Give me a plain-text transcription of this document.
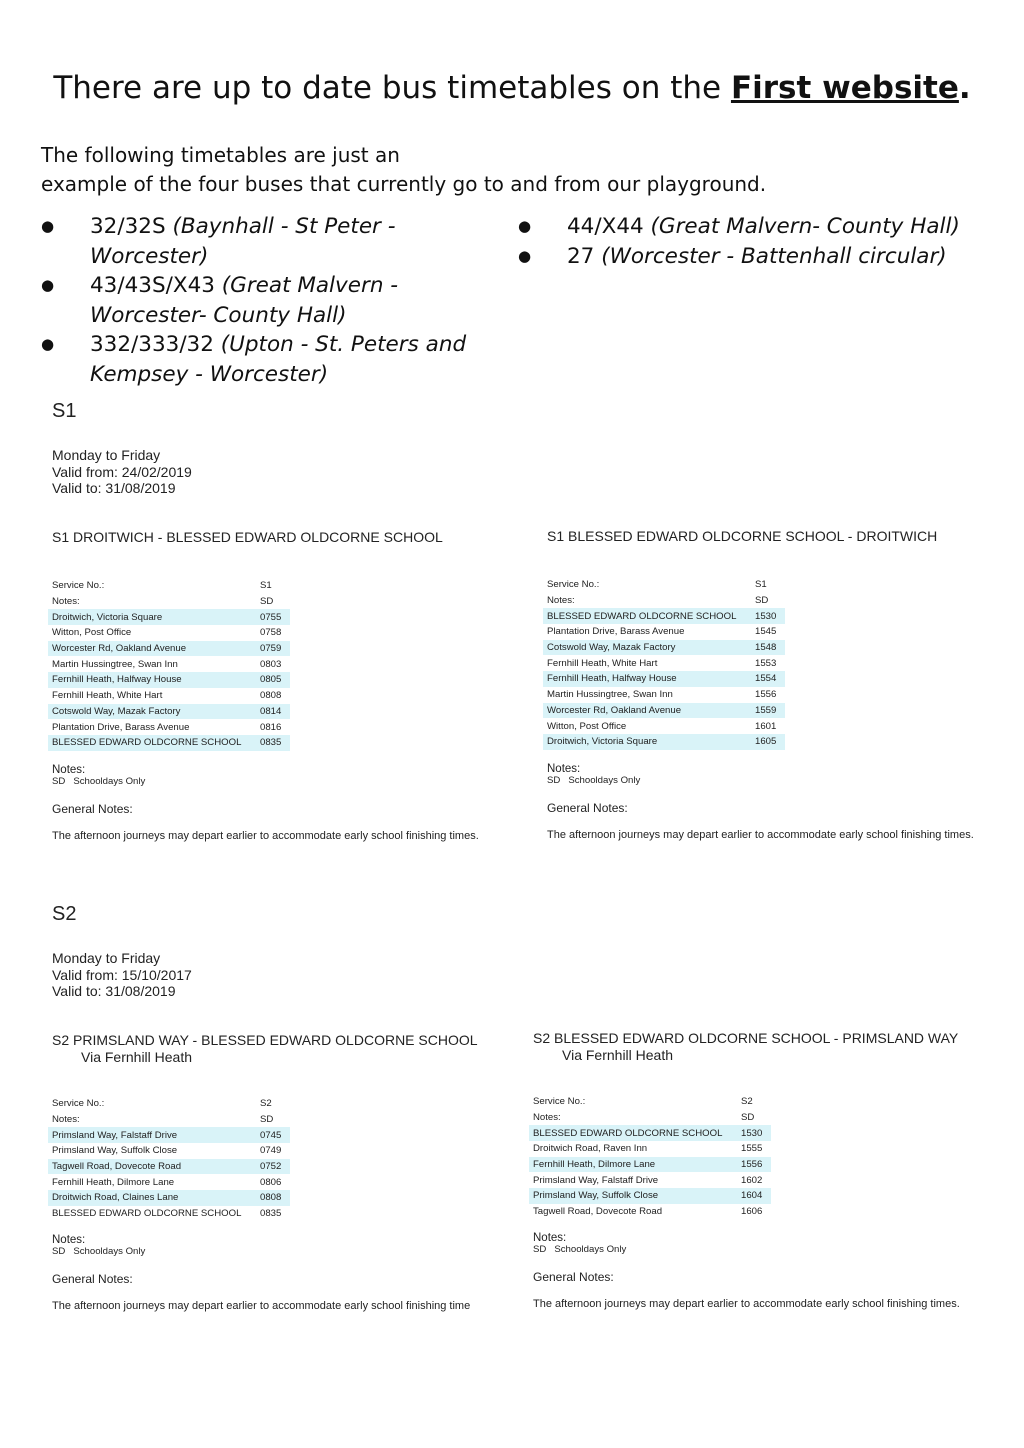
There are up to date bus timetables on the First website.
The following timetables are just an
example of the four buses that currently go to and from our playground.
● 32/32S (Baynhall - St Peter - Worcester)
● 43/43S/X43 (Great Malvern - Worcester- County Hall)
● 332/333/32 (Upton - St. Peters and Kempsey - Worcester)
● 44/X44 (Great Malvern- County Hall)
● 27 (Worcester - Battenhall circular)
S1
Monday to Friday
Valid from: 24/02/2019
Valid to: 31/08/2019
S1 DROITWICH - BLESSED EDWARD OLDCORNE SCHOOL
Service No.:	S1
Notes:	SD
Droitwich, Victoria Square	0755
Witton, Post Office	0758
Worcester Rd, Oakland Avenue	0759
Martin Hussingtree, Swan Inn	0803
Fernhill Heath, Halfway House	0805
Fernhill Heath, White Hart	0808
Cotswold Way, Mazak Factory	0814
Plantation Drive, Barass Avenue	0816
BLESSED EDWARD OLDCORNE SCHOOL	0835
Notes:
SD Schooldays Only
General Notes:
The afternoon journeys may depart earlier to accommodate early school finishing times.
S1 BLESSED EDWARD OLDCORNE SCHOOL - DROITWICH
Service No.:	S1
Notes:	SD
BLESSED EDWARD OLDCORNE SCHOOL	1530
Plantation Drive, Barass Avenue	1545
Cotswold Way, Mazak Factory	1548
Fernhill Heath, White Hart	1553
Fernhill Heath, Halfway House	1554
Martin Hussingtree, Swan Inn	1556
Worcester Rd, Oakland Avenue	1559
Witton, Post Office	1601
Droitwich, Victoria Square	1605
Notes:
SD Schooldays Only
General Notes:
The afternoon journeys may depart earlier to accommodate early school finishing times.
S2
Monday to Friday
Valid from: 15/10/2017
Valid to: 31/08/2019
S2 PRIMSLAND WAY - BLESSED EDWARD OLDCORNE SCHOOL
Via Fernhill Heath
Service No.:	S2
Notes:	SD
Primsland Way, Falstaff Drive	0745
Primsland Way, Suffolk Close	0749
Tagwell Road, Dovecote Road	0752
Fernhill Heath, Dilmore Lane	0806
Droitwich Road, Claines Lane	0808
BLESSED EDWARD OLDCORNE SCHOOL	0835
Notes:
SD Schooldays Only
General Notes:
The afternoon journeys may depart earlier to accommodate early school finishing time
S2 BLESSED EDWARD OLDCORNE SCHOOL - PRIMSLAND WAY
Via Fernhill Heath
Service No.:	S2
Notes:	SD
BLESSED EDWARD OLDCORNE SCHOOL	1530
Droitwich Road, Raven Inn	1555
Fernhill Heath, Dilmore Lane	1556
Primsland Way, Falstaff Drive	1602
Primsland Way, Suffolk Close	1604
Tagwell Road, Dovecote Road	1606
Notes:
SD Schooldays Only
General Notes:
The afternoon journeys may depart earlier to accommodate early school finishing times.
